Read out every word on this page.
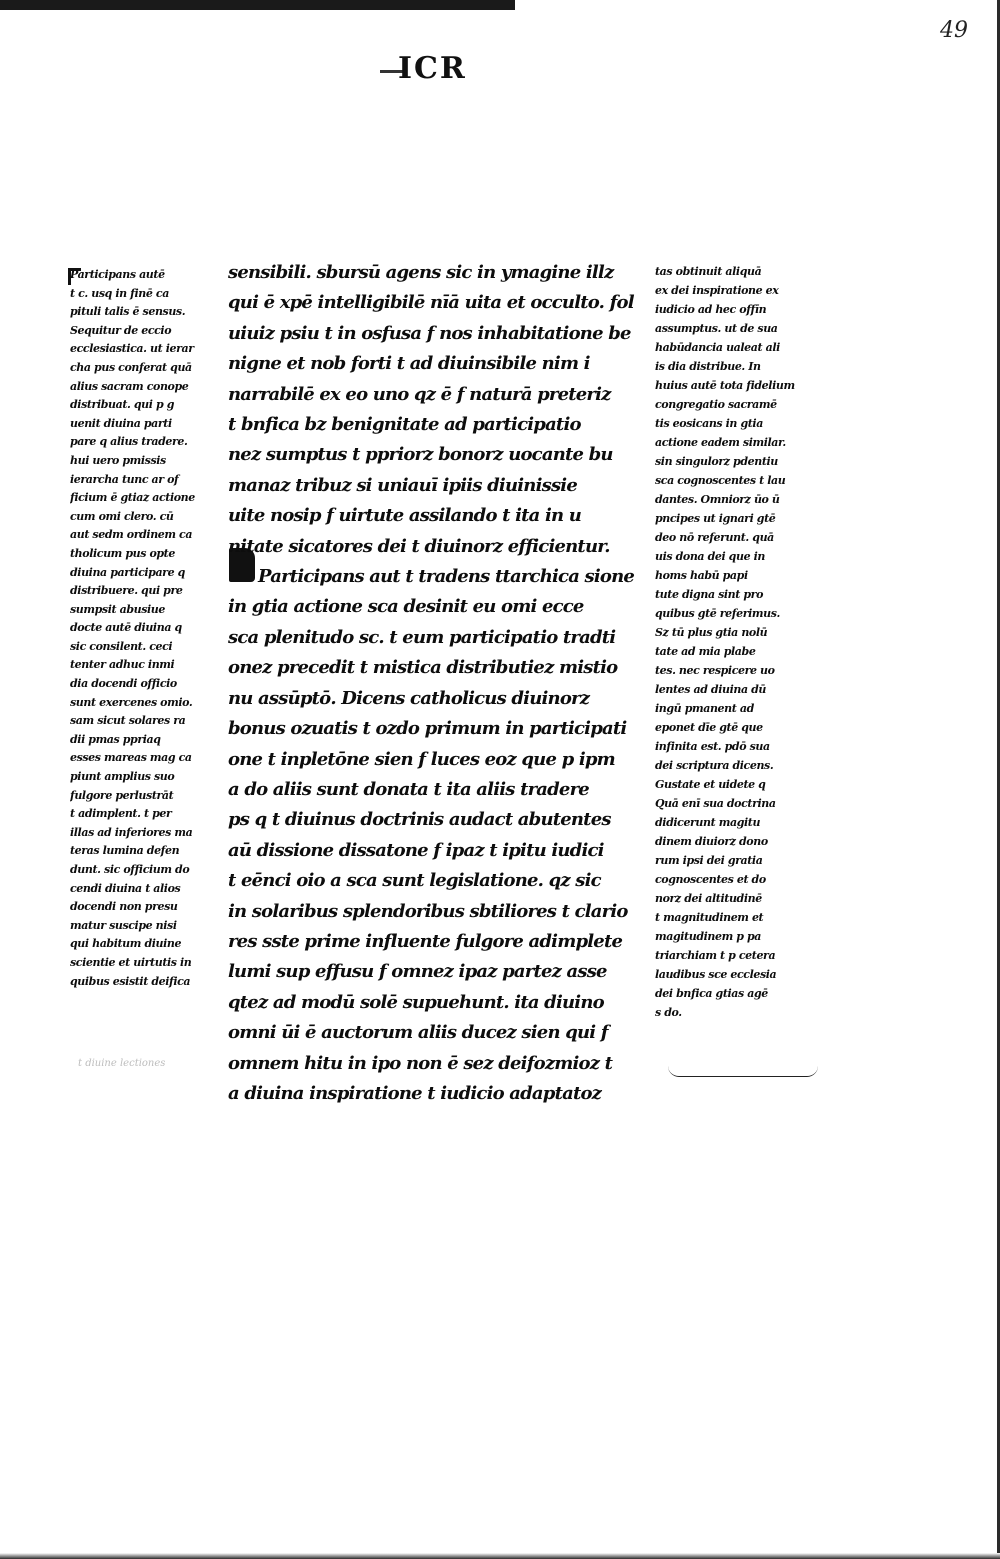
49

ICR
Participans autē
t c. usq in finē ca
pituli talis ē sensus.
Sequitur de eccio
ecclesiastica. ut ierar
cha pus conferat quā
alius sacram conope
distribuat. qui p g
uenit diuina parti
pare q alius tradere.
hui uero pmissis
ierarcha tunc ar of
ficium ē gtiaz actione
cum omi clero. cū
aut sedm ordinem ca
tholicum pus opte
diuina participare q
distribuere. qui pre
sumpsit abusiue
docte autē diuina q
sic consilent. ceci
tenter adhuc inmi
dia docendi officio
sunt exercenes omio.
sam sicut solares ra
dii pmas ppriaq
esses mareas mag ca
piunt amplius suo
fulgore perlustrāt
t adimplent. t per
illas ad inferiores ma
teras lumina defen
dunt. sic officium do
cendi diuina t alios
docendi non presu
matur suscipe nisi
qui habitum diuine
scientie et uirtutis in
quibus esistit deifica
sensibili. sbursū agens sic in ymagine illz
qui ē xpē intelligibilē nīā uita et occulto. fol
uiuiz psiu t in osfusa f nos inhabitatione be
nigne et nob forti t ad diuinsibile nim i
narrabilē ex eo uno qz ē f naturā preteriz
t bnfica bz benignitate ad participatio
nez sumptus t ppriorz bonorz uocante bu
manaz tribuz si uniauī ipiis diuinissie
uite nosip f uirtute assilando t ita in u
nitate sicatores dei t diuinorz efficientur.
Participans aut t tradens ttarchica sione
in gtia actione sca desinit eu omi ecce
sca plenitudo sc. t eum participatio tradti
onez precedit t mistica distributiez mistio
nu assūptō. Dicens catholicus diuinorz
bonus ozuatis t ozdo primum in participati
one t inpletōne sien f luces eoz que p ipm
a do aliis sunt donata t ita aliis tradere
ps q t diuinus doctrinis audact abutentes
aū dissione dissatone f ipaz t ipitu iudici
t eēnci oio a sca sunt legislatione. qz sic
in solaribus splendoribus sbtiliores t clario
res sste prime influente fulgore adimplete
lumi sup effusu f omnez ipaz partez asse
qtez ad modū solē supuehunt. ita diuino
omni ūi ē auctorum aliis ducez sien qui f
omnem hitu in ipo non ē sez deifozmioz t
a diuina inspiratione t iudicio adaptatoz
tas obtinuit aliquā
ex dei inspiratione ex
iudicio ad hec offīn
assumptus. ut de sua
habūdancia ualeat ali
is dia distribue. In
huius autē tota fidelium
congregatio sacramē
tis eosicans in gtia
actione eadem similar.
sin singulorz pdentiu
sca cognoscentes t lau
dantes. Omniorz ūo ū
pncipes ut ignari gtē
deo nō referunt. quā
uis dona dei que in
homs habū papi
tute digna sint pro
quibus gtē referimus.
Sz tū plus gtia nolū
tate ad mia plabe
tes. nec respicere uo
lentes ad diuina dū
ingū pmanent ad
eponet dīe gtē que
infinita est. pdō sua
dei scriptura dicens.
Gustate et uidete q
Quā enī sua doctrina
didicerunt magitu
dinem diuiorz dono
rum ipsi dei gratia
cognoscentes et do
norz dei altitudinē
t magnitudinem et
magitudinem p pa
triarchiam t p cetera
laudibus sce ecclesia
dei bnfica gtias agē
s do.

t diuine lectiones
